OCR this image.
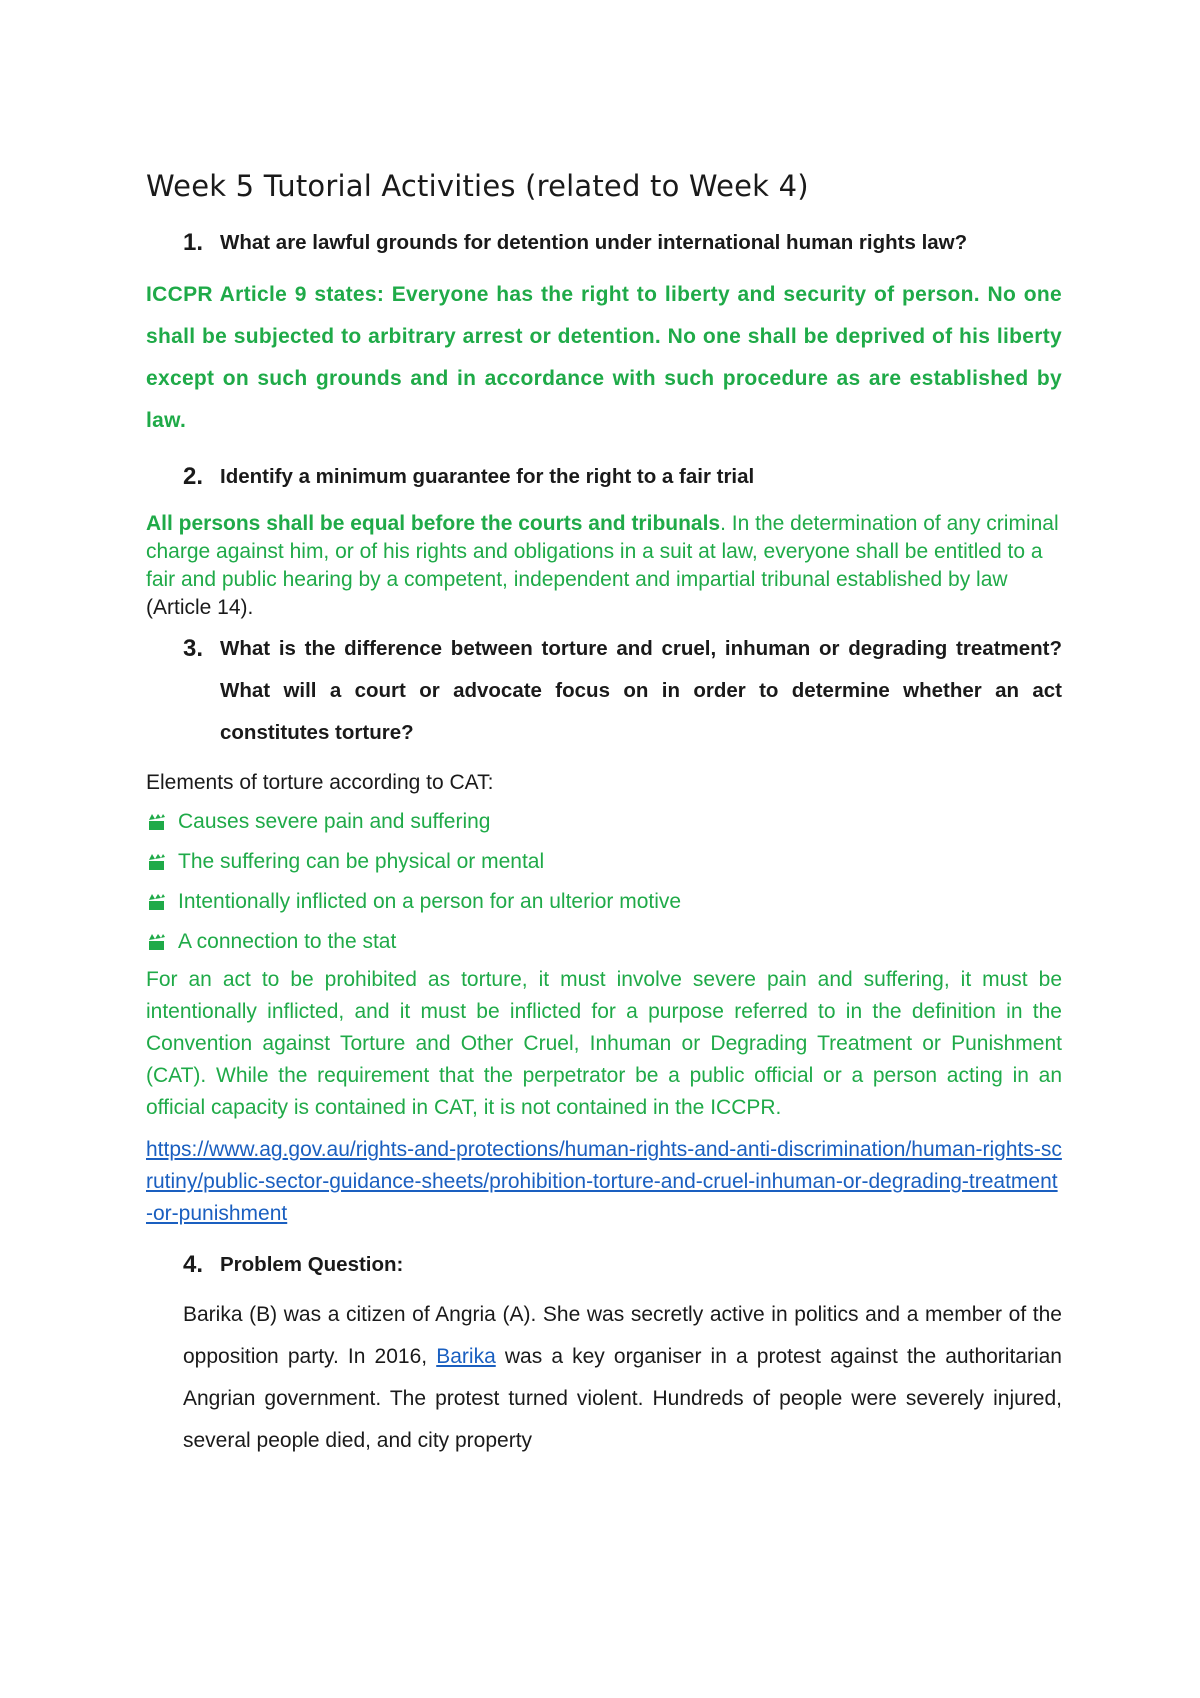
Week 5 Tutorial Activities (related to Week 4)
1. What are lawful grounds for detention under international human rights law?
ICCPR Article 9 states: Everyone has the right to liberty and security of person. No one shall be subjected to arbitrary arrest or detention. No one shall be deprived of his liberty except on such grounds and in accordance with such procedure as are established by law.
2. Identify a minimum guarantee for the right to a fair trial
All persons shall be equal before the courts and tribunals. In the determination of any criminal charge against him, or of his rights and obligations in a suit at law, everyone shall be entitled to a fair and public hearing by a competent, independent and impartial tribunal established by law (Article 14).
3. What is the difference between torture and cruel, inhuman or degrading treatment? What will a court or advocate focus on in order to determine whether an act constitutes torture?
Elements of torture according to CAT:
Causes severe pain and suffering
The suffering can be physical or mental
Intentionally inflicted on a person for an ulterior motive
A connection to the stat
For an act to be prohibited as torture, it must involve severe pain and suffering, it must be intentionally inflicted, and it must be inflicted for a purpose referred to in the definition in the Convention against Torture and Other Cruel, Inhuman or Degrading Treatment or Punishment (CAT). While the requirement that the perpetrator be a public official or a person acting in an official capacity is contained in CAT, it is not contained in the ICCPR.
https://www.ag.gov.au/rights-and-protections/human-rights-and-anti-discrimination/human-rights-scrutiny/public-sector-guidance-sheets/prohibition-torture-and-cruel-inhuman-or-degrading-treatment-or-punishment
4. Problem Question:
Barika (B) was a citizen of Angria (A). She was secretly active in politics and a member of the opposition party. In 2016, Barika was a key organiser in a protest against the authoritarian Angrian government. The protest turned violent. Hundreds of people were severely injured, several people died, and city property
